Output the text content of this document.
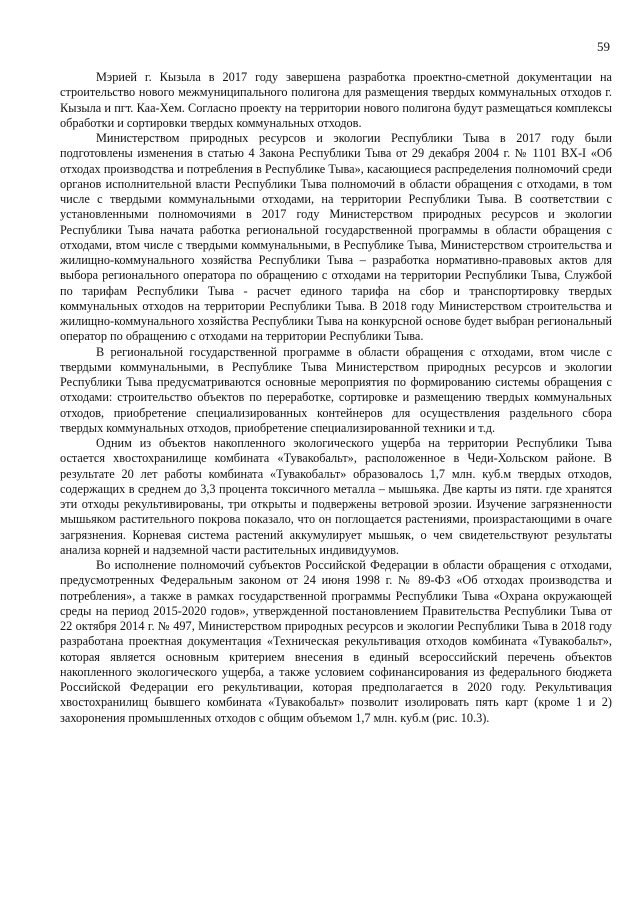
59

Мэрией г. Кызыла в 2017 году завершена разработка проектно-сметной документации на строительство нового межмуниципального полигона для размещения твердых коммунальных отходов г. Кызыла и пгт. Каа-Хем. Согласно проекту на территории нового полигона будут размещаться комплексы обработки и сортировки твердых коммунальных отходов.

Министерством природных ресурсов и экологии Республики Тыва в 2017 году были подготовлены изменения в статью 4 Закона Республики Тыва от 29 декабря 2004 г. № 1101 ВХ-I «Об отходах производства и потребления в Республике Тыва», касающиеся распределения полномочий среди органов исполнительной власти Республики Тыва полномочий в области обращения с отходами, в том числе с твердыми коммунальными отходами, на территории Республики Тыва. В соответствии с установленными полномочиями в 2017 году Министерством природных ресурсов и экологии Республики Тыва начата работка региональной государственной программы в области обращения с отходами, втом числе с твердыми коммунальными, в Республике Тыва, Министерством строительства и жилищно-коммунального хозяйства Республики Тыва – разработка нормативно-правовых актов для выбора регионального оператора по обращению с отходами на территории Республики Тыва, Службой по тарифам Республики Тыва - расчет единого тарифа на сбор и транспортировку твердых коммунальных отходов на территории Республики Тыва. В 2018 году Министерством строительства и жилищно-коммунального хозяйства Республики Тыва на конкурсной основе будет выбран региональный оператор по обращению с отходами на территории Республики Тыва.

В региональной государственной программе в области обращения с отходами, втом числе с твердыми коммунальными, в Республике Тыва Министерством природных ресурсов и экологии Республики Тыва предусматриваются основные мероприятия по формированию системы обращения с отходами: строительство объектов по переработке, сортировке и размещению твердых коммунальных отходов, приобретение специализированных контейнеров для осуществления раздельного сбора твердых коммунальных отходов, приобретение специализированной техники и т.д.

Одним из объектов накопленного экологического ущерба на территории Республики Тыва остается хвостохранилище комбината «Тувакобальт», расположенное в Чеди-Хольском районе. В результате 20 лет работы комбината «Тувакобальт» образовалось 1,7 млн. куб.м твердых отходов, содержащих в среднем до 3,3 процента токсичного металла – мышьяка. Две карты из пяти. где хранятся эти отходы рекультивированы, три открыты и подвержены ветровой эрозии. Изучение загрязненности мышьяком растительного покрова показало, что он поглощается растениями, произрастающими в очаге загрязнения. Корневая система растений аккумулирует мышьяк, о чем свидетельствуют результаты анализа корней и надземной части растительных индивидуумов.

Во исполнение полномочий субъектов Российской Федерации в области обращения с отходами, предусмотренных Федеральным законом от 24 июня 1998 г. № 89-ФЗ «Об отходах производства и потребления», а также в рамках государственной программы Республики Тыва «Охрана окружающей среды на период 2015-2020 годов», утвержденной постановлением Правительства Республики Тыва от 22 октября 2014 г. № 497, Министерством природных ресурсов и экологии Республики Тыва в 2018 году разработана проектная документация «Техническая рекультивация отходов комбината «Тувакобальт», которая является основным критерием внесения в единый всероссийский перечень объектов накопленного экологического ущерба, а также условием софинансирования из федерального бюджета Российской Федерации его рекультивации, которая предполагается в 2020 году. Рекультивация хвостохранилищ бывшего комбината «Тувакобальт» позволит изолировать пять карт (кроме 1 и 2) захоронения промышленных отходов с общим объемом 1,7 млн. куб.м (рис. 10.3).
